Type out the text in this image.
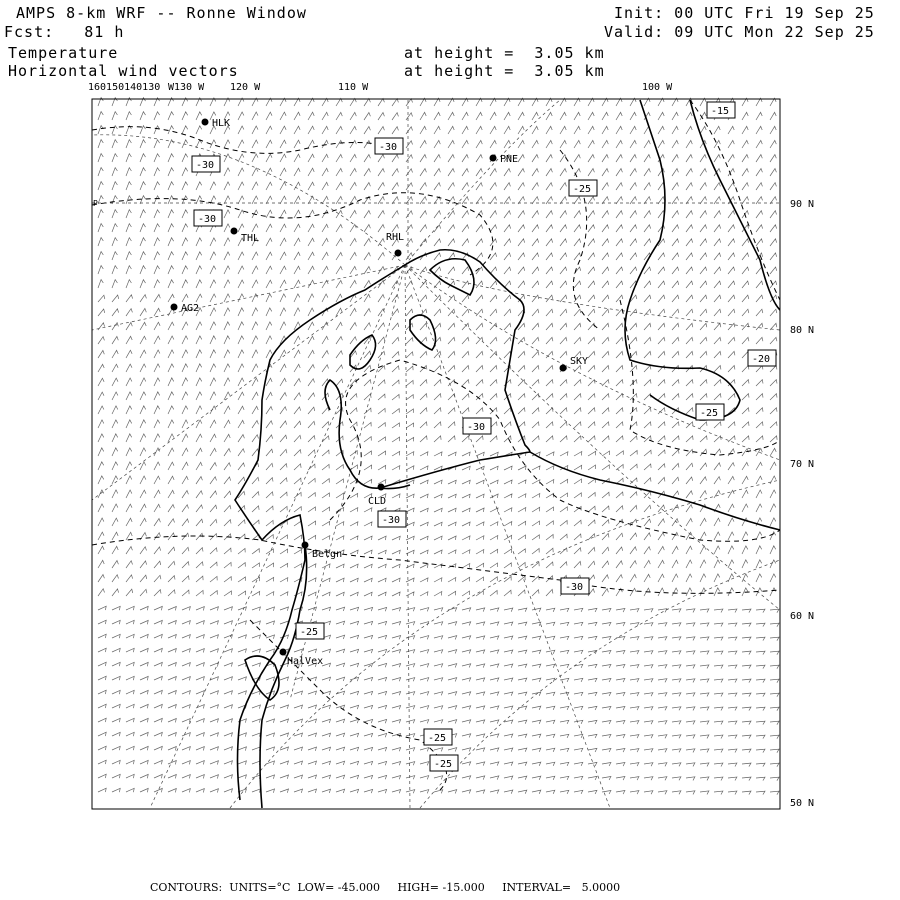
AMPS 8-km WRF -- Ronne Window
Fcst:   81 h
Temperature
Horizontal wind vectors
at height =  3.05 km
at height =  3.05 km
Init: 00 UTC Fri 19 Sep 25
Valid: 09 UTC Mon 22 Sep 25
160150140130 W130 W	120 W	110 W	100 W
90 N
80 N
70 N
60 N
50 N
P
HLK
PNE
THL	RHL
AG2
SKY
CLD
Belgn
HalVex
-30
-30
-30
-25
-15
-30
-30
-20
-25
-30
-25
-25
-25
CONTOURS:  UNITS=°C  LOW= -45.000     HIGH= -15.000     INTERVAL=   5.0000
